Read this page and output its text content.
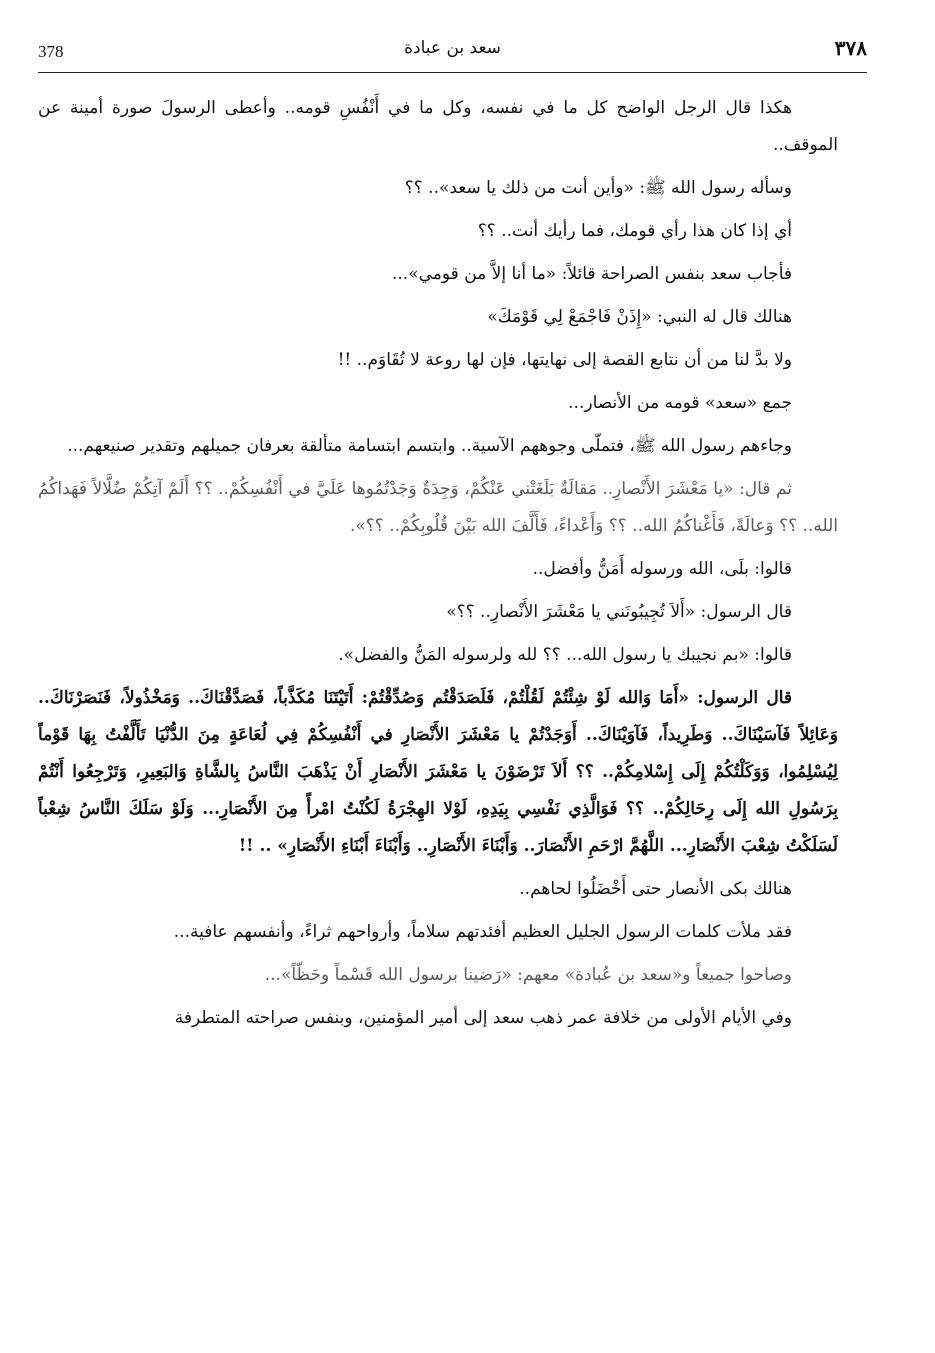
378	سعد بن عبادة	٣٧٨

هكذا قال الرجل الواضح كل ما في نفسه، وكل ما في أَنْفُسِ قومه.. وأعطى الرسولَ صورة أمينة عن الموقف..

وسأله رسول الله ﷺ: «وأين أنت من ذلك يا سعد».. ؟؟

أي إذا كان هذا رأي قومك، فما رأيك أنت.. ؟؟

فأجاب سعد بنفس الصراحة قائلاً: «ما أنا إلاَّ من قومي»...

هنالك قال له النبي: «إِذَنْ فَاجْمَعْ لِي قَوْمَكَ»

ولا بدَّ لنا من أن نتابع القصة إلى نهايتها، فإن لها روعة لا تُقَاوَم.. !!

جمع «سعد» قومه من الأنصار...

وجاءهم رسول الله ﷺ، فتملّى وجوههم الآسية.. وابتسم ابتسامة متألقة بعرفان جميلهم وتقدير صنيعهم...

ثم قال: «يا مَعْشَرَ الأَنْصارِ.. مَقالَةٌ بَلَغَتْني عَنْكُمْ، وَجِدَةٌ وَجَدْتُمُوها عَلَيَّ في أَنْفُسِكُمْ.. ؟؟ أَلَمْ آتِكُمْ ضُلَّالاً فَهَداكُمُ الله.. ؟؟ وَعالَةً، فَأَغْناكُمُ الله.. ؟؟ وَأَعْداءً، فَأَلَّفَ الله بَيْنَ قُلُوبِكُمْ.. ؟؟».

قالوا: بلَى، الله ورسوله أَمَنُّ وأفضل..

قال الرسول: «أَلاَ تُجِيبُونَني يا مَعْشَرَ الأَنْصارِ.. ؟؟»

قالوا: «بم نجيبك يا رسول الله... ؟؟ لله ولرسوله المَنُّ والفضل».

قال الرسول: «أَمَا وَالله لَوْ شِئْتُمْ لَقُلْتُمْ، فَلَصَدَقْتُم وَصُدِّقْتُمْ: أَتَيْتَنَا مُكَذَّباً، فَصَدَّقْنَاكَ.. وَمَخْذُولاً، فَنَصَرْنَاكَ.. وَعَائِلاً فَآسَيْنَاكَ.. وَطَرِيداً، فَآوَيْنَاكَ.. أَوَجَدْتُمْ يا مَعْشَرَ الأَنْصَارِ في أَنْفُسِكُمْ فِي لُعَاعَةٍ مِنَ الدُّنْيَا تَأَلَّفْتُ بِهَا قَوْماً لِيُسْلِمُوا، وَوَكَلْتُكُمْ إِلَى إِسْلامِكُمْ.. ؟؟ أَلاَ تَرْضَوْنَ يا مَعْشَرَ الأَنْصَارِ أَنْ يَذْهَبَ النَّاسُ بِالشَّاةِ وَالبَعِيرِ، وَتَرْجِعُوا أَنْتُمْ بِرَسُولِ الله إِلَى رِحَالِكُمْ.. ؟؟ فَوَالَّذِي نَفْسِي بِيَدِهِ، لَوْلا الهِجْرَةُ لَكُنْتُ امْرأً مِنَ الأَنْصَارِ... وَلَوْ سَلَكَ النَّاسُ شِعْباً لَسَلَكْتُ شِعْبَ الأَنْصَارِ... اللَّهُمَّ ارْحَمِ الأَنْصَارَ.. وَأَبْنَاءَ الأَنْصَارِ.. وَأَبْنَاءَ أَبْنَاءِ الأَنْصَارِ» .. !!

هنالك بكى الأنصار حتى أَخْضَلُوا لحاهم..

فقد ملأت كلمات الرسول الجليل العظيم أفئدتهم سلاماً، وأرواحهم ثراءً، وأنفسهم عافية...

وصاحوا جميعاً و«سعد بن عُبادة» معهم: «رَضينا برسول الله قَسْماً وحَظّاً»...

وفي الأيام الأولى من خلافة عمر ذهب سعد إلى أمير المؤمنين، وبنفس صراحته المتطرفة
